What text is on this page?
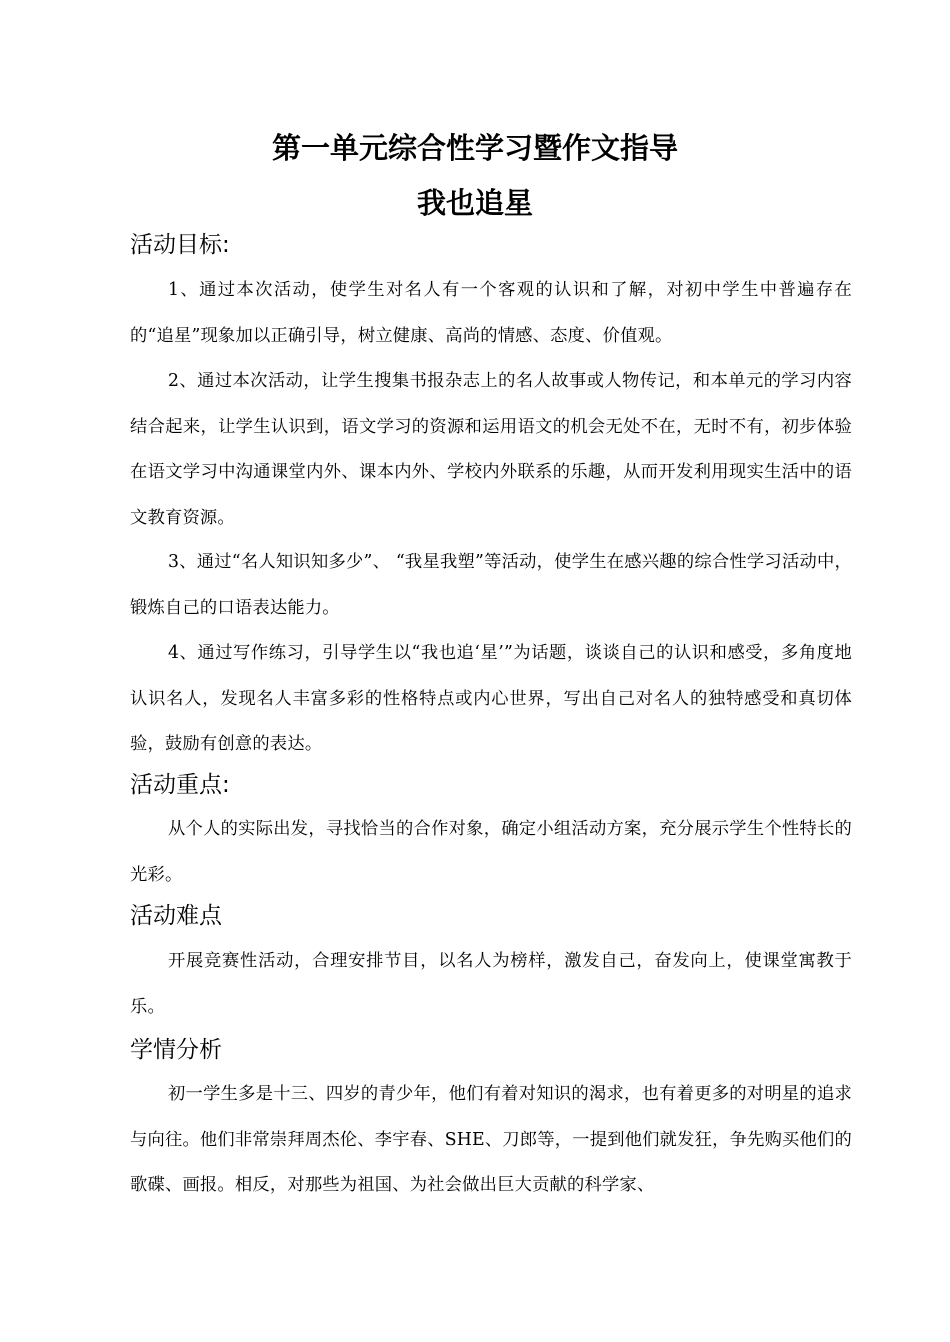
第一单元综合性学习暨作文指导
我也追星
活动目标:

1、通过本次活动，使学生对名人有一个客观的认识和了解，对初中学生中普遍存在的“追星”现象加以正确引导，树立健康、高尚的情感、态度、价值观。

2、通过本次活动，让学生搜集书报杂志上的名人故事或人物传记，和本单元的学习内容结合起来，让学生认识到，语文学习的资源和运用语文的机会无处不在，无时不有，初步体验在语文学习中沟通课堂内外、课本内外、学校内外联系的乐趣，从而开发利用现实生活中的语文教育资源。

3、通过“名人知识知多少”、 “我星我塑”等活动，使学生在感兴趣的综合性学习活动中，锻炼自己的口语表达能力。

4、通过写作练习，引导学生以“我也追‘星’”为话题，谈谈自己的认识和感受，多角度地认识名人，发现名人丰富多彩的性格特点或内心世界，写出自己对名人的独特感受和真切体验，鼓励有创意的表达。

活动重点:

从个人的实际出发，寻找恰当的合作对象，确定小组活动方案，充分展示学生个性特长的光彩。

活动难点

开展竞赛性活动，合理安排节目，以名人为榜样，激发自己，奋发向上，使课堂寓教于乐。

学情分析

初一学生多是十三、四岁的青少年，他们有着对知识的渴求，也有着更多的对明星的追求与向往。他们非常崇拜周杰伦、李宇春、SHE、刀郎等，一提到他们就发狂，争先购买他们的歌碟、画报。相反，对那些为祖国、为社会做出巨大贡献的科学家、
